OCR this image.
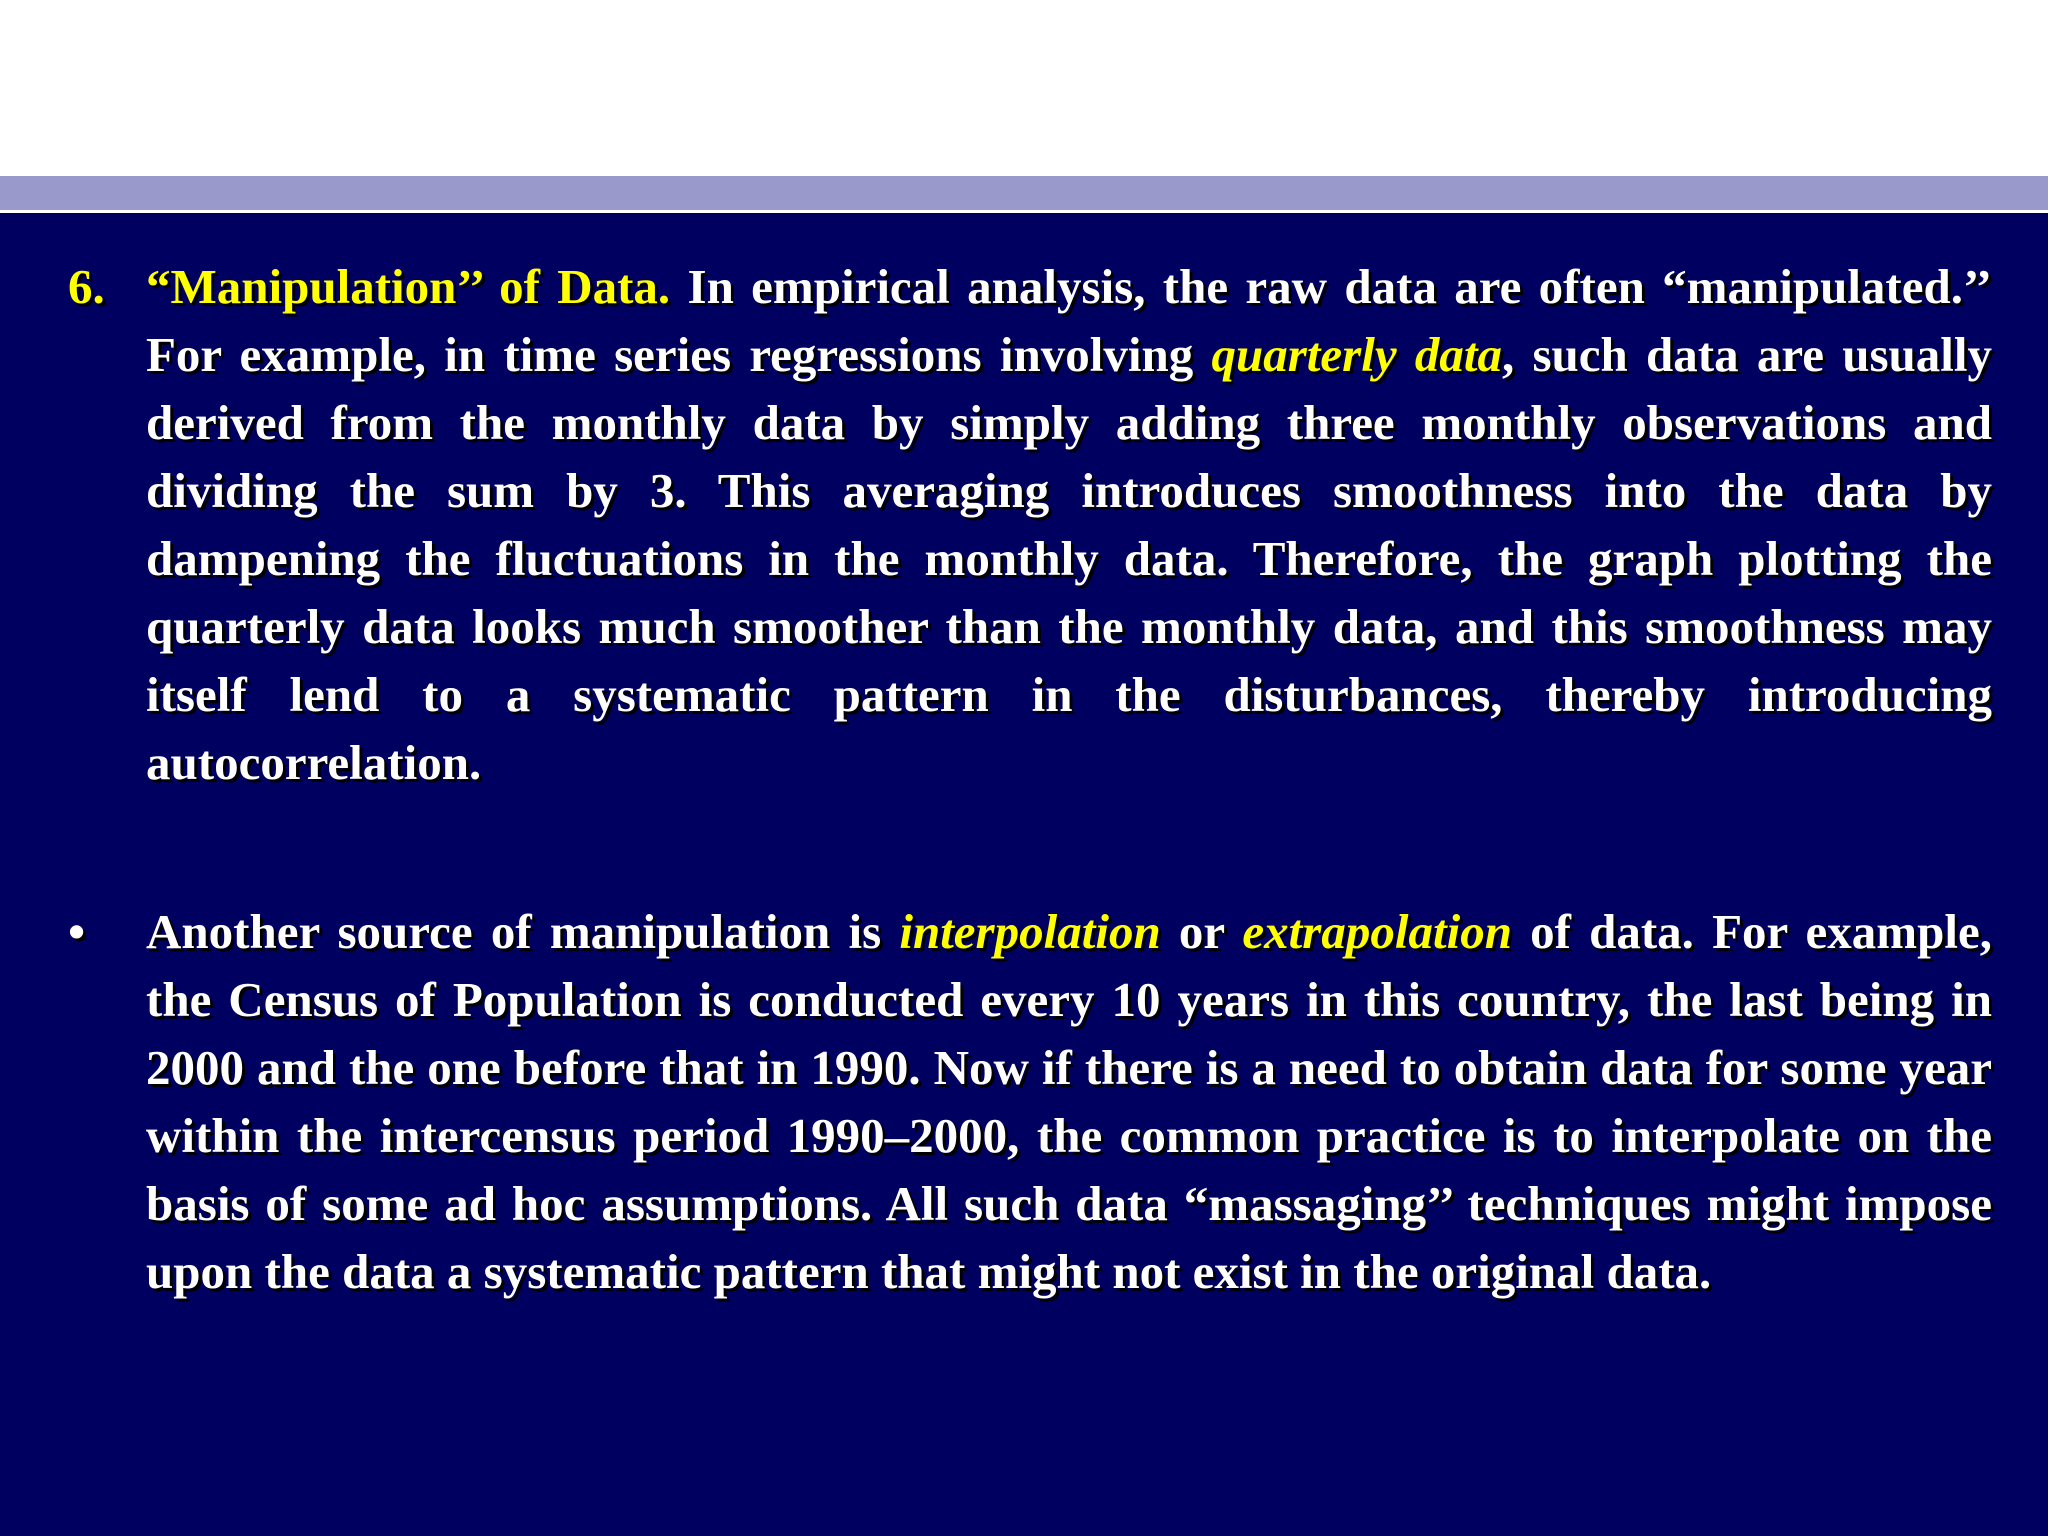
6. “Manipulation’’ of Data. In empirical analysis, the raw data are often “manipulated.’’ For example, in time series regressions involving quarterly data, such data are usually derived from the monthly data by simply adding three monthly observations and dividing the sum by 3. This averaging introduces smoothness into the data by dampening the fluctuations in the monthly data. Therefore, the graph plotting the quarterly data looks much smoother than the monthly data, and this smoothness may itself lend to a systematic pattern in the disturbances, thereby introducing autocorrelation.

• Another source of manipulation is interpolation or extrapolation of data. For example, the Census of Population is conducted every 10 years in this country, the last being in 2000 and the one before that in 1990. Now if there is a need to obtain data for some year within the intercensus period 1990–2000, the common practice is to interpolate on the basis of some ad hoc assumptions. All such data “massaging’’ techniques might impose upon the data a systematic pattern that might not exist in the original data.
